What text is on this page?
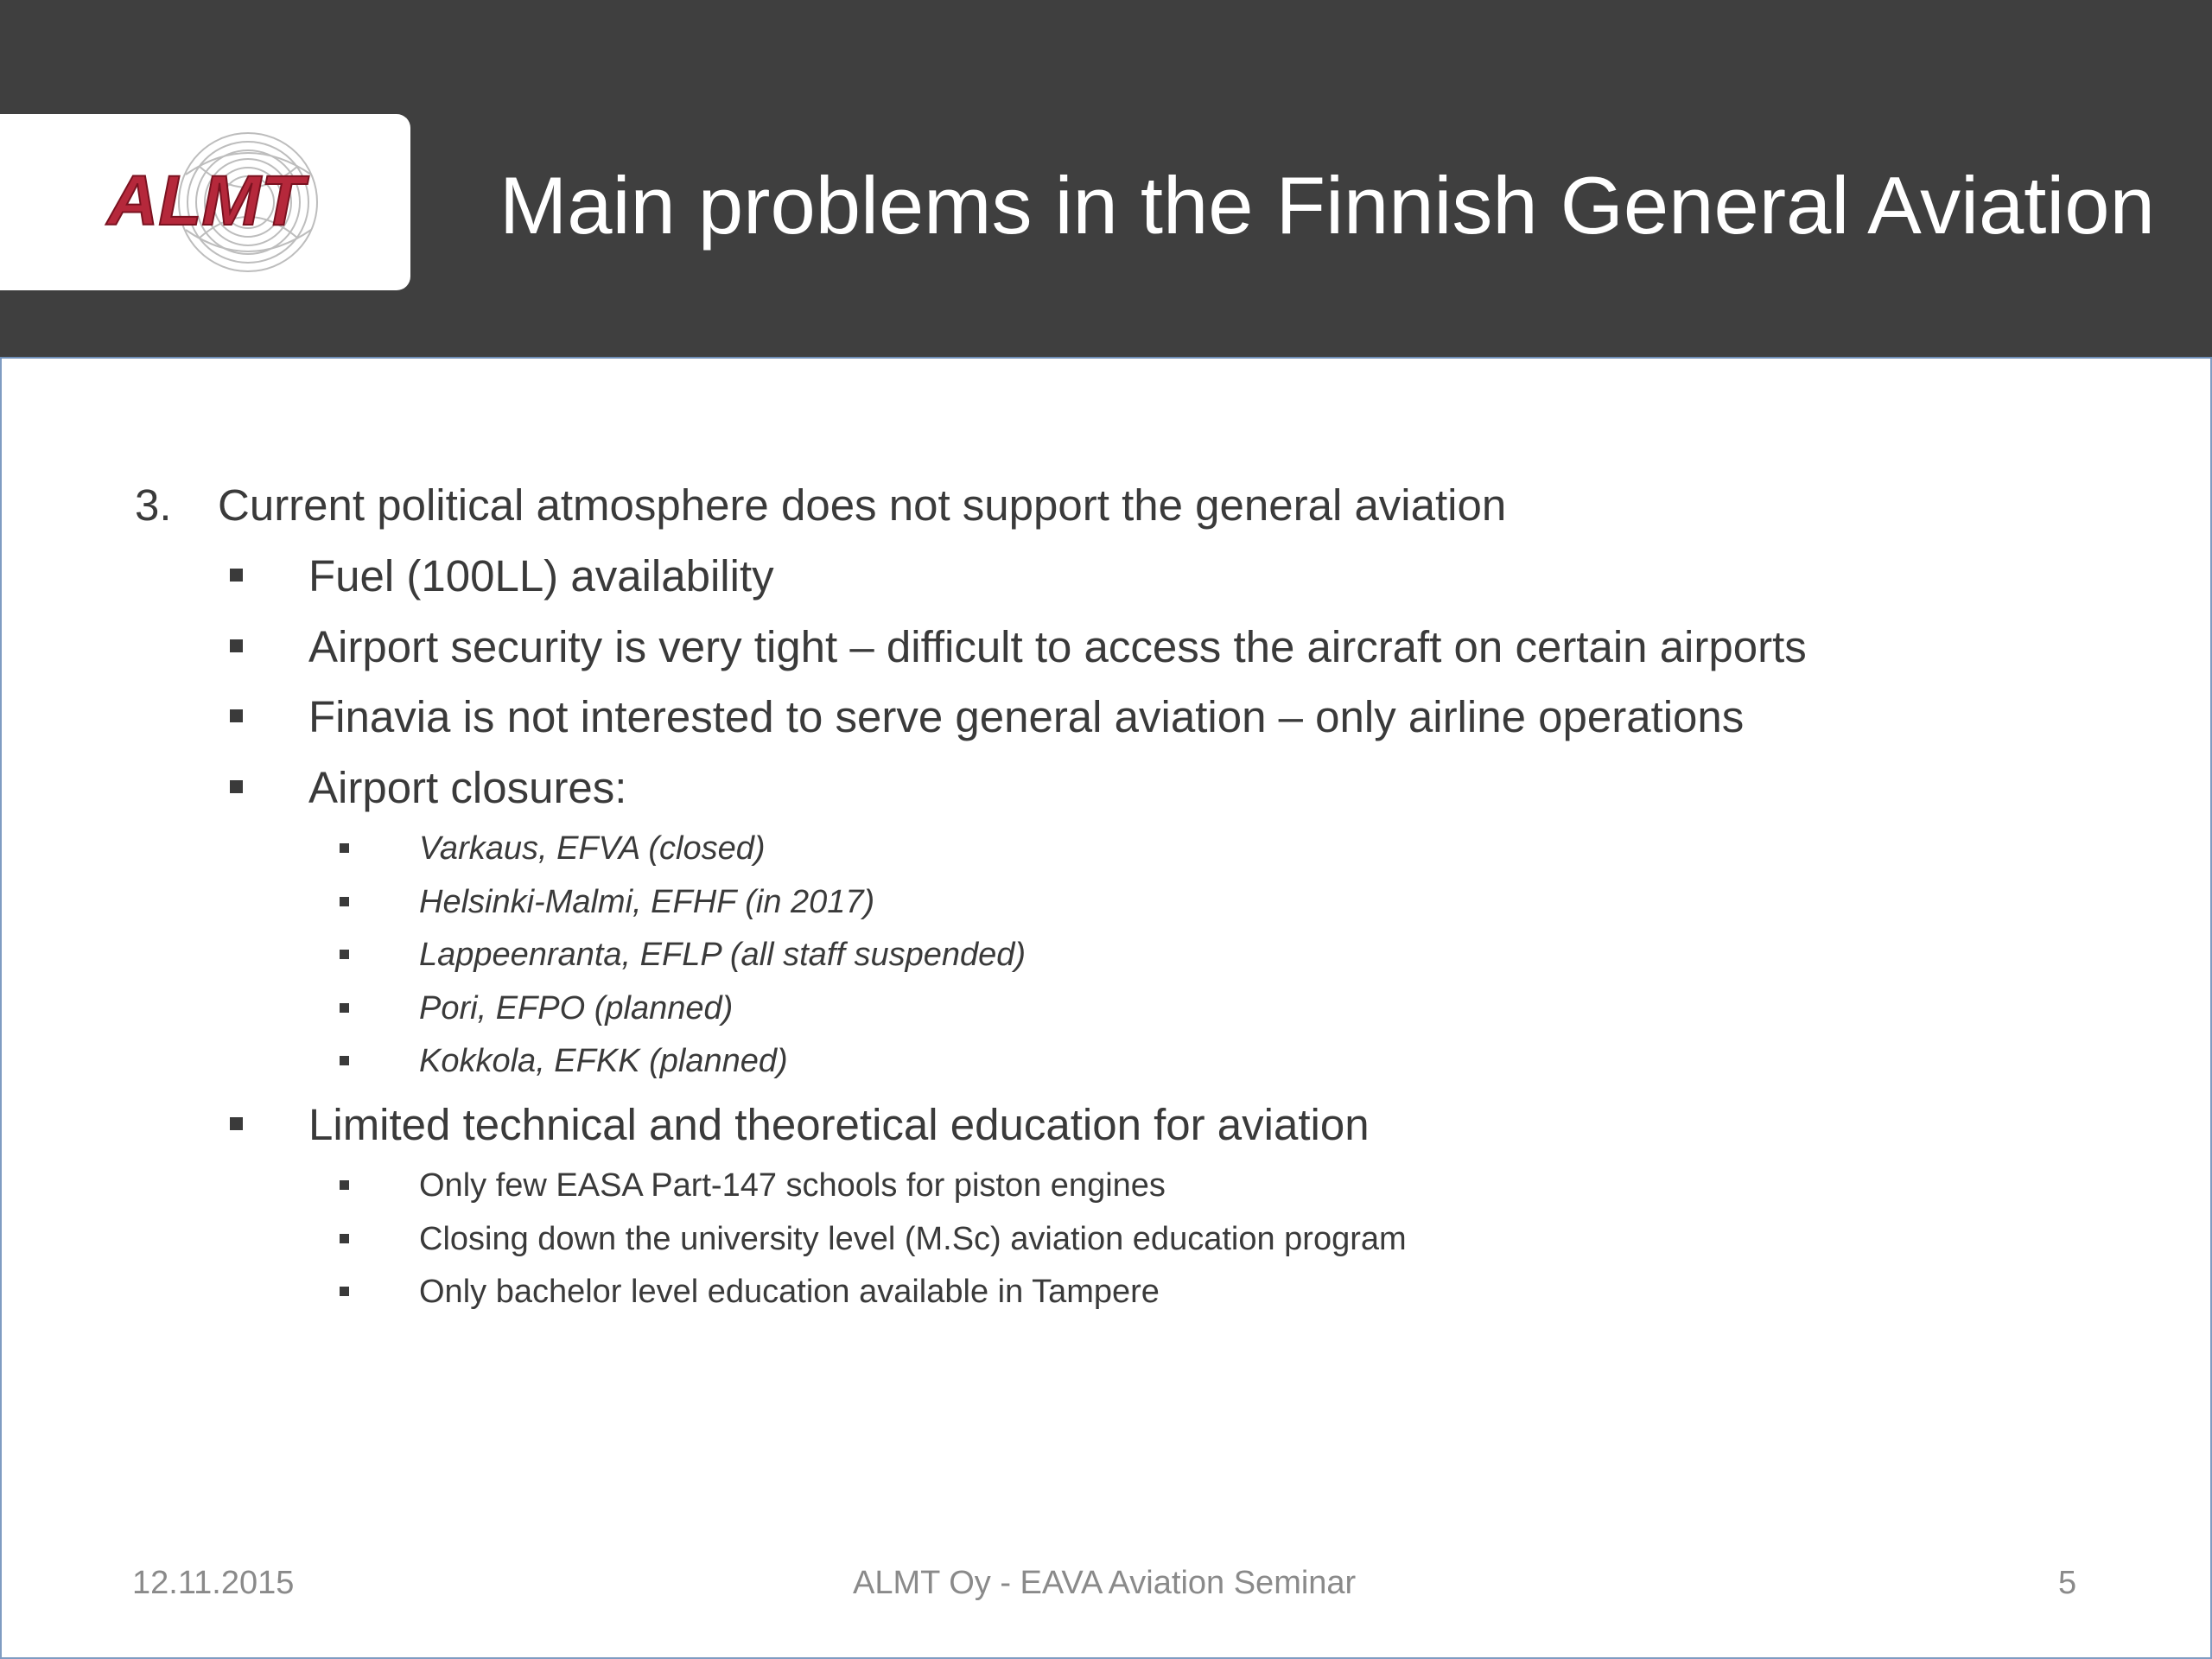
ALMT Main problems in the Finnish General Aviation
3. Current political atmosphere does not support the general aviation
Fuel (100LL) availability
Airport security is very tight – difficult to access the aircraft on certain airports
Finavia is not interested to serve general aviation – only airline operations
Airport closures:
Varkaus, EFVA (closed)
Helsinki-Malmi, EFHF (in 2017)
Lappeenranta, EFLP (all staff suspended)
Pori, EFPO (planned)
Kokkola, EFKK (planned)
Limited technical and theoretical education for aviation
Only few EASA Part-147 schools for piston engines
Closing down the university level (M.Sc) aviation education program
Only bachelor level education available in Tampere
12.11.2015	ALMT Oy - EAVA Aviation Seminar	5
